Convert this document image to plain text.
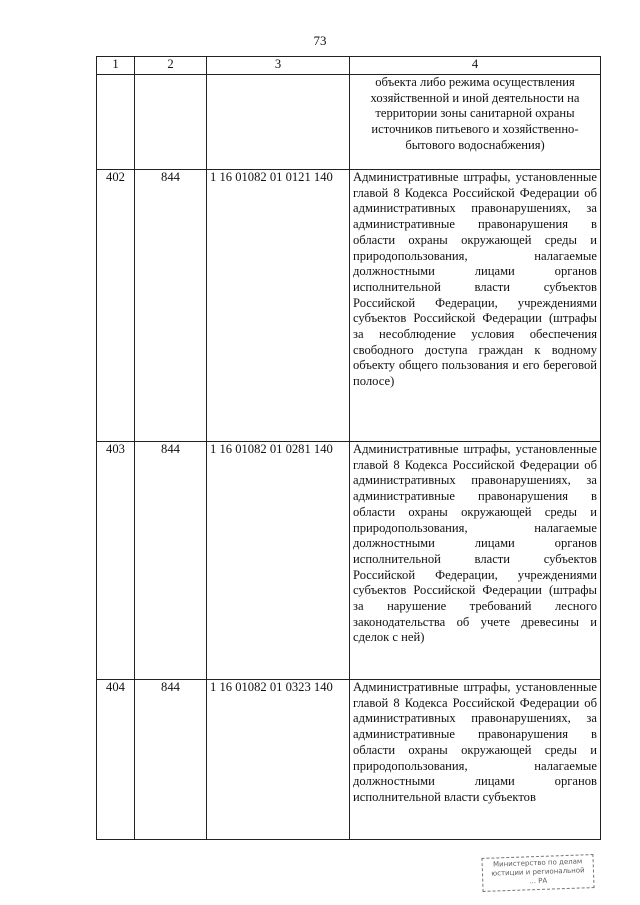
73
1	2	3	4
			объекта либо режима осуществления хозяйственной и иной деятельности на территории зоны санитарной охраны источников питьевого и хозяйственно-бытового водоснабжения)
402	844	1 16 01082 01 0121 140	Административные штрафы, установленные главой 8 Кодекса Российской Федерации об административных правонарушениях, за административные правонарушения в области охраны окружающей среды и природопользования, налагаемые должностными лицами органов исполнительной власти субъектов Российской Федерации, учреждениями субъектов Российской Федерации (штрафы за несоблюдение условия обеспечения свободного доступа граждан к водному объекту общего пользования и его береговой полосе)
403	844	1 16 01082 01 0281 140	Административные штрафы, установленные главой 8 Кодекса Российской Федерации об административных правонарушениях, за административные правонарушения в области охраны окружающей среды и природопользования, налагаемые должностными лицами органов исполнительной власти субъектов Российской Федерации, учреждениями субъектов Российской Федерации (штрафы за нарушение требований лесного законодательства об учете древесины и сделок с ней)
404	844	1 16 01082 01 0323 140	Административные штрафы, установленные главой 8 Кодекса Российской Федерации об административных правонарушениях, за административные правонарушения в области охраны окружающей среды и природопользования, налагаемые должностными лицами органов исполнительной власти субъектов
Министерство по делам
юстиции и региональной
... РА
